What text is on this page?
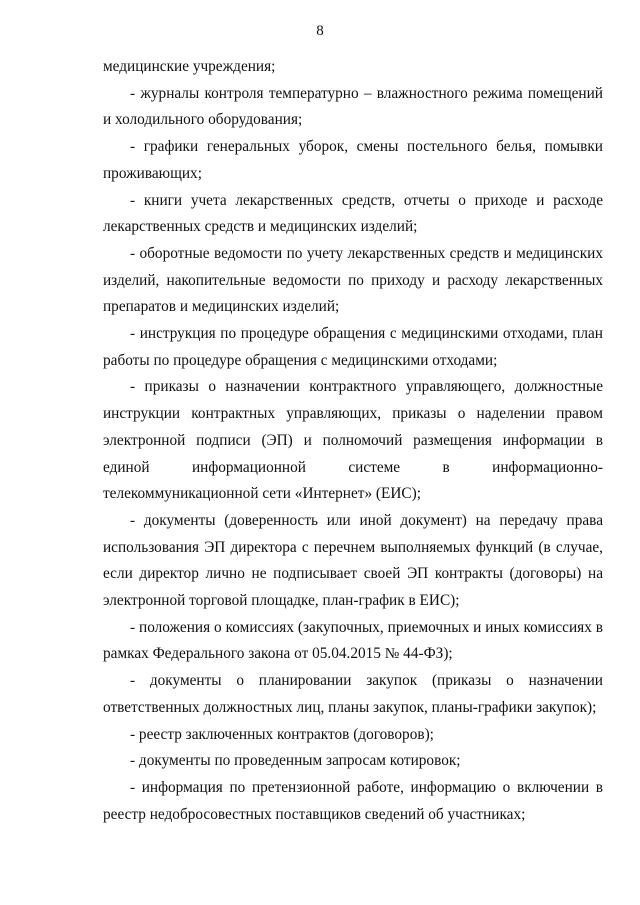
8

медицинские учреждения;

- журналы контроля температурно – влажностного режима помещений и холодильного оборудования;

- графики генеральных уборок, смены постельного белья, помывки проживающих;

- книги учета лекарственных средств, отчеты о приходе и расходе лекарственных средств и медицинских изделий;

- оборотные ведомости по учету лекарственных средств и медицинских изделий, накопительные ведомости по приходу и расходу лекарственных препаратов и медицинских изделий;

- инструкция по процедуре обращения с медицинскими отходами, план работы по процедуре обращения с медицинскими отходами;

- приказы о назначении контрактного управляющего, должностные инструкции контрактных управляющих, приказы о наделении правом электронной подписи (ЭП) и полномочий размещения информации в единой информационной системе в информационно-телекоммуникационной сети «Интернет» (ЕИС);

- документы (доверенность или иной документ) на передачу права использования ЭП директора с перечнем выполняемых функций (в случае, если директор лично не подписывает своей ЭП контракты (договоры) на электронной торговой площадке, план-график в ЕИС);

- положения о комиссиях (закупочных, приемочных и иных комиссиях в рамках Федерального закона от 05.04.2015 № 44-ФЗ);

- документы о планировании закупок (приказы о назначении ответственных должностных лиц, планы закупок, планы-графики закупок);

- реестр заключенных контрактов (договоров);

- документы по проведенным запросам котировок;

- информация по претензионной работе, информацию о включении в реестр недобросовестных поставщиков сведений об участниках;
